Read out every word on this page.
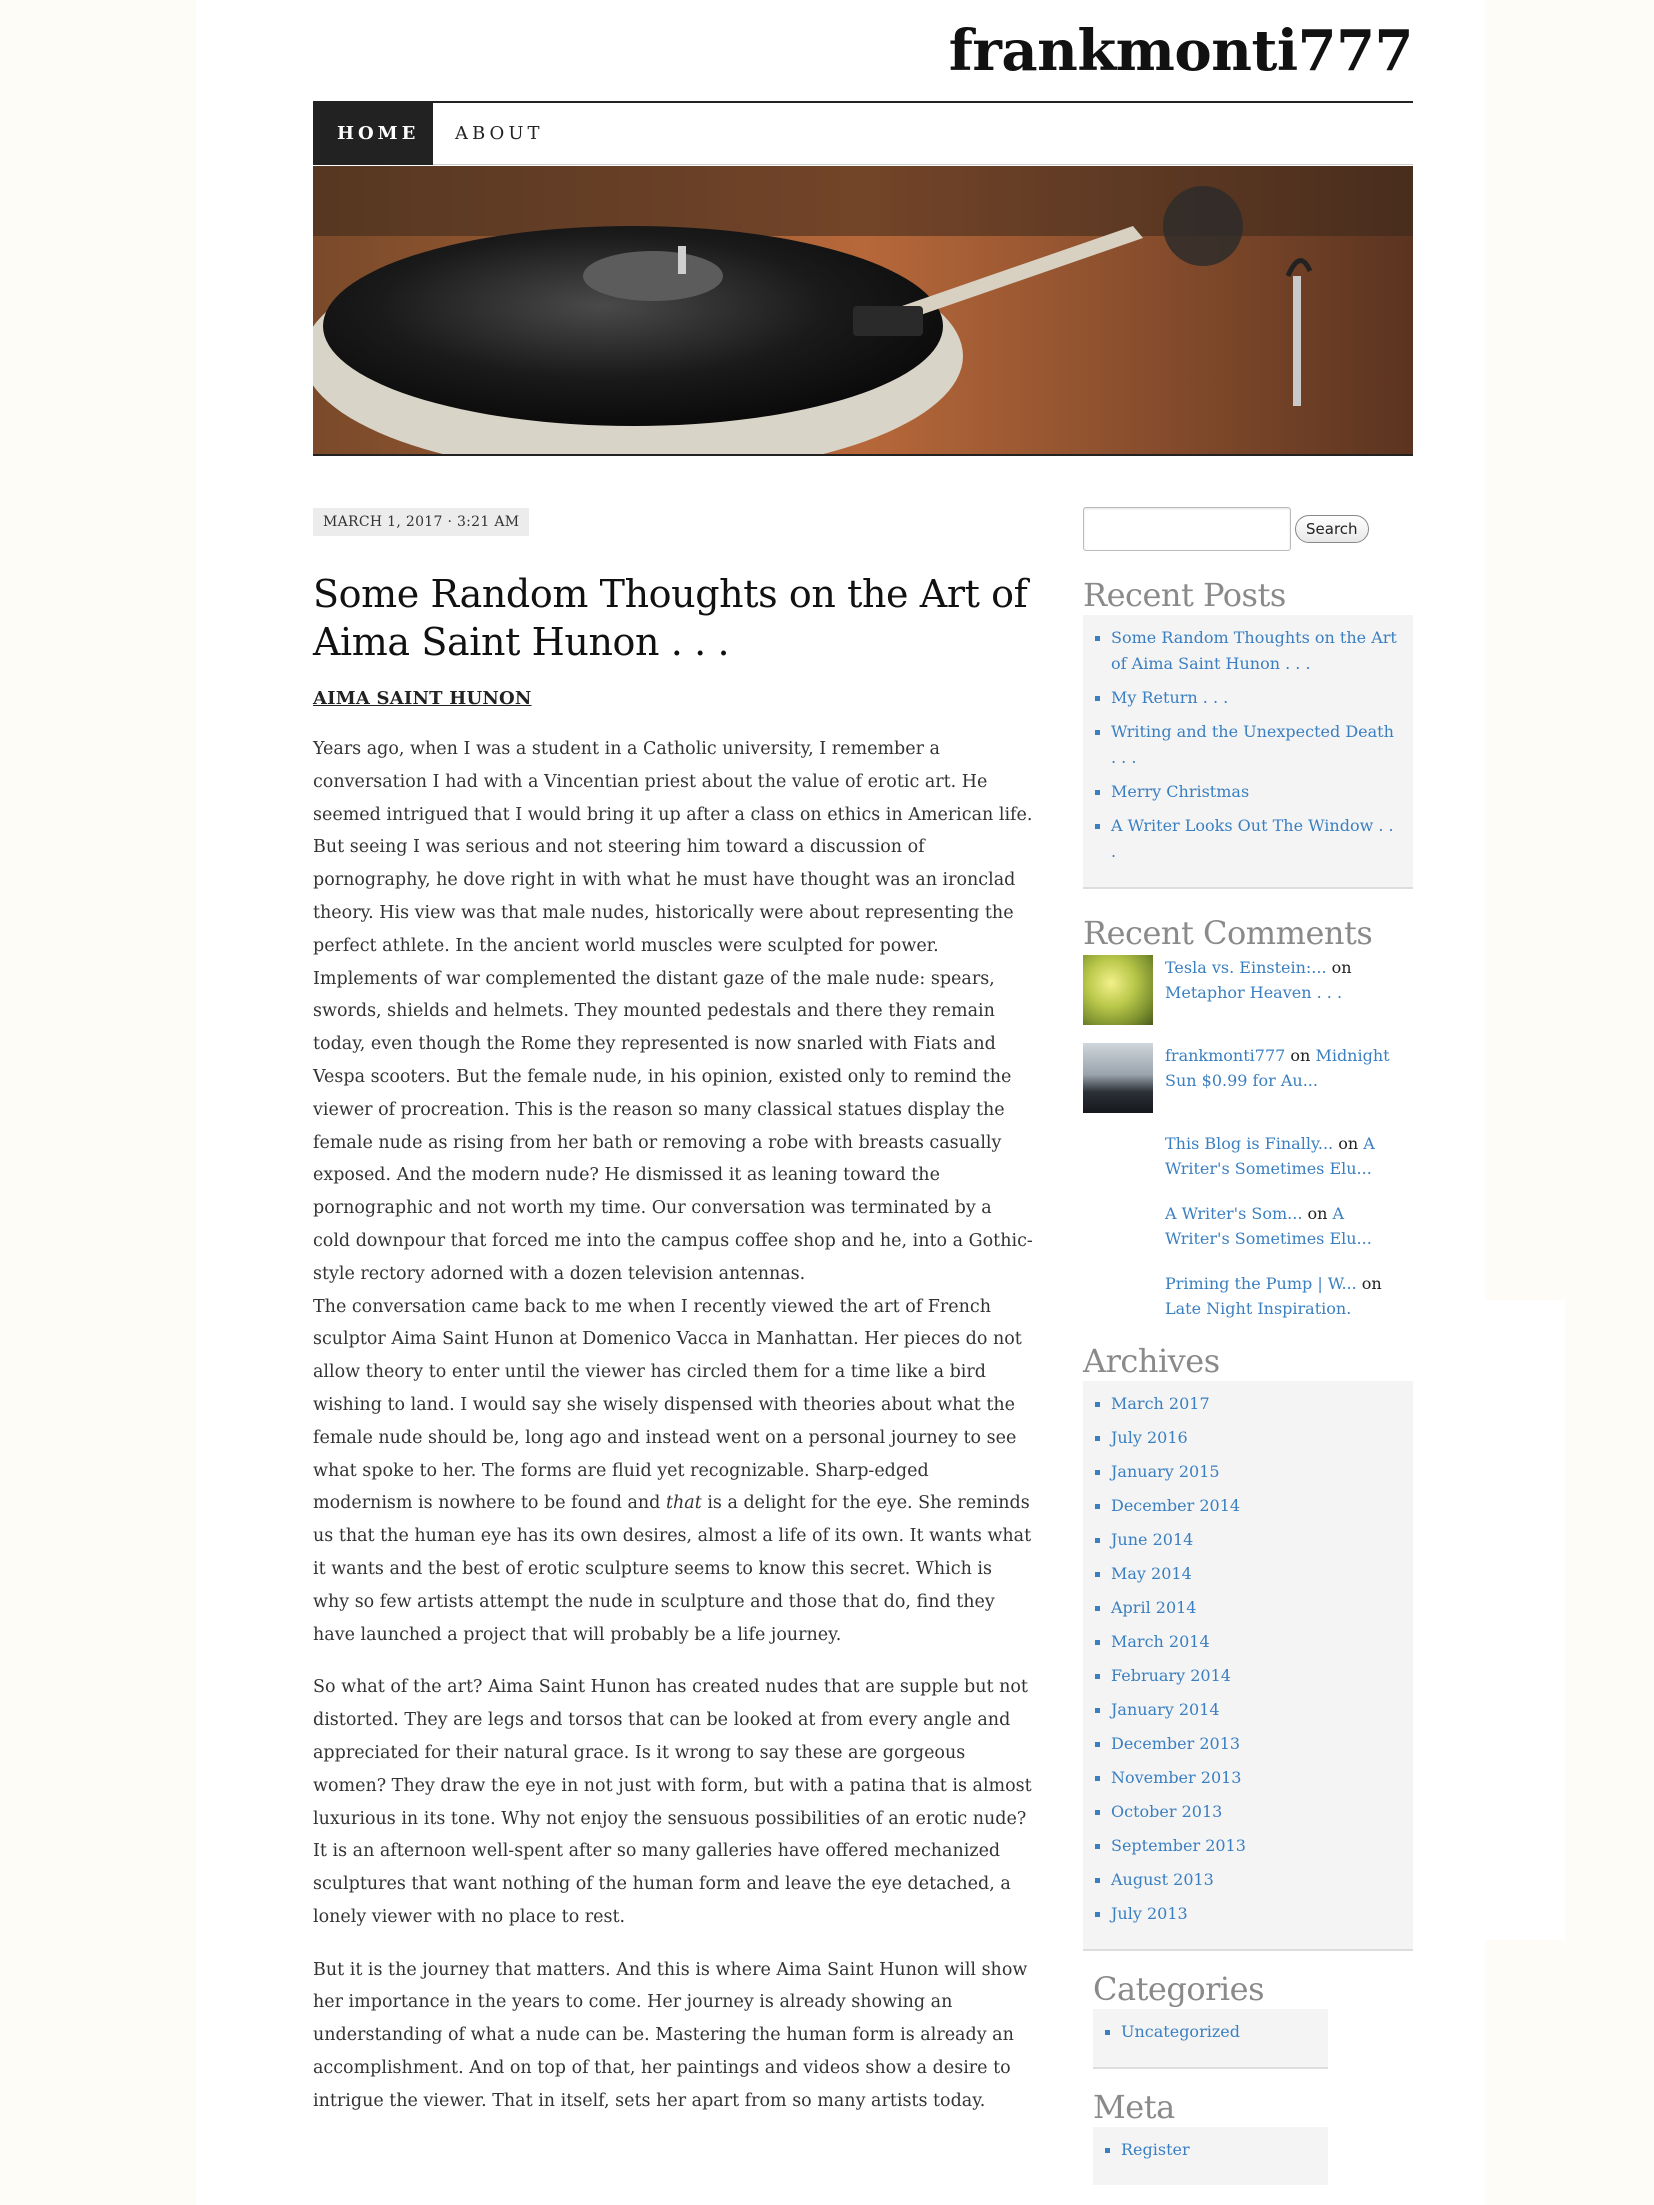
frankmonti777
HOME	ABOUT
MARCH 1, 2017 · 3:21 AM
Some Random Thoughts on the Art of Aima Saint Hunon . . .
AIMA SAINT HUNON

Years ago, when I was a student in a Catholic university, I remember a conversation I had with a Vincentian priest about the value of erotic art. He seemed intrigued that I would bring it up after a class on ethics in American life. But seeing I was serious and not steering him toward a discussion of pornography, he dove right in with what he must have thought was an ironclad theory. His view was that male nudes, historically were about representing the perfect athlete. In the ancient world muscles were sculpted for power. Implements of war complemented the distant gaze of the male nude: spears, swords, shields and helmets. They mounted pedestals and there they remain today, even though the Rome they represented is now snarled with Fiats and Vespa scooters. But the female nude, in his opinion, existed only to remind the viewer of procreation. This is the reason so many classical statues display the female nude as rising from her bath or removing a robe with breasts casually exposed. And the modern nude? He dismissed it as leaning toward the pornographic and not worth my time. Our conversation was terminated by a cold downpour that forced me into the campus coffee shop and he, into a Gothic-style rectory adorned with a dozen television antennas.

The conversation came back to me when I recently viewed the art of French sculptor Aima Saint Hunon at Domenico Vacca in Manhattan. Her pieces do not allow theory to enter until the viewer has circled them for a time like a bird wishing to land. I would say she wisely dispensed with theories about what the female nude should be, long ago and instead went on a personal journey to see what spoke to her. The forms are fluid yet recognizable. Sharp-edged modernism is nowhere to be found and that is a delight for the eye. She reminds us that the human eye has its own desires, almost a life of its own. It wants what it wants and the best of erotic sculpture seems to know this secret. Which is why so few artists attempt the nude in sculpture and those that do, find they have launched a project that will probably be a life journey.

So what of the art? Aima Saint Hunon has created nudes that are supple but not distorted. They are legs and torsos that can be looked at from every angle and appreciated for their natural grace. Is it wrong to say these are gorgeous women? They draw the eye in not just with form, but with a patina that is almost luxurious in its tone. Why not enjoy the sensuous possibilities of an erotic nude? It is an afternoon well-spent after so many galleries have offered mechanized sculptures that want nothing of the human form and leave the eye detached, a lonely viewer with no place to rest.

But it is the journey that matters. And this is where Aima Saint Hunon will show her importance in the years to come. Her journey is already showing an understanding of what a nude can be. Mastering the human form is already an accomplishment. And on top of that, her paintings and videos show a desire to intrigue the viewer. That in itself, sets her apart from so many artists today.

Search
Recent Posts
Some Random Thoughts on the Art of Aima Saint Hunon . . .
My Return . . .
Writing and the Unexpected Death . . .
Merry Christmas
A Writer Looks Out The Window . . .
Recent Comments
Tesla vs. Einstein:... on Metaphor Heaven . . .
frankmonti777 on Midnight Sun $0.99 for Au...
This Blog is Finally... on A Writer's Sometimes Elu...
A Writer's Som... on A Writer's Sometimes Elu...
Priming the Pump | W... on Late Night Inspiration.
Archives
March 2017
July 2016
January 2015
December 2014
June 2014
May 2014
April 2014
March 2014
February 2014
January 2014
December 2013
November 2013
October 2013
September 2013
August 2013
July 2013
Categories
Uncategorized
Meta
Register
